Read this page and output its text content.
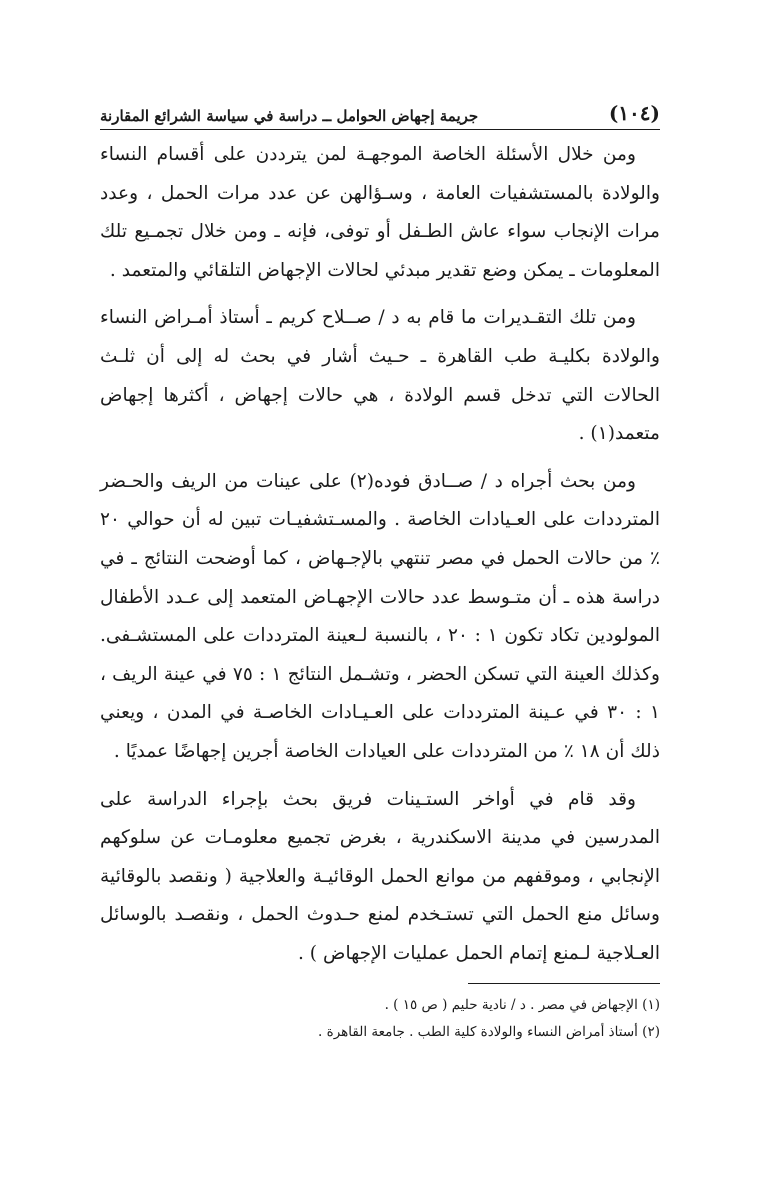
(١٠٤)
جريمة إجهاض الحوامل ــ دراسة في سياسة الشرائع المقارنة

ومن خلال الأسئلة الخاصة الموجهـة لمن يترددن على أقسام النساء والولادة بالمستشفيات العامة ، وسـؤالهن عن عدد مرات الحمل ، وعدد مرات الإنجاب سواء عاش الطـفل أو توفى، فإنه ـ ومن خلال تجمـيع تلك المعلومات ـ يمكن وضع تقدير مبدئي لحالات الإجهاض التلقائي والمتعمد .

ومن تلك التقـديرات ما قام به د / صــلاح كريم ـ أستاذ أمـراض النساء والولادة بكليـة طب القاهرة ـ حـيث أشار في بحث له إلى أن ثلـث الحالات التي تدخل قسم الولادة ، هي حالات إجهاض ، أكثرها إجهاض متعمد(١) .

ومن بحث أجراه د / صــادق فوده(٢) على عينات من الريف والحـضر المترددات على العـيادات الخاصة . والمسـتشفيـات تبين له أن حوالي ٢٠ ٪ من حالات الحمل في مصر تنتهي بالإجـهاض ، كما أوضحت النتائج ـ في دراسة هذه ـ أن متـوسط عدد حالات الإجهـاض المتعمد إلى عـدد الأطفال المولودين تكاد تكون ١ : ٢٠ ، بالنسبة لـعينة المترددات على المستشـفى. وكذلك العينة التي تسكن الحضر ، وتشـمل النتائج ١ : ٧٥ في عينة الريف ، ١ : ٣٠ في عـينة المترددات على العـيـادات الخاصـة في المدن ، ويعني ذلك أن ١٨ ٪ من المترددات على العيادات الخاصة أجرين إجهاضًا عمديًا .

وقد قام في أواخر الستـينات فريق بحث بإجراء الدراسة على المدرسين في مدينة الاسكندرية ، بغرض تجميع معلومـات عن سلوكهم الإنجابي ، وموقفهم من موانع الحمل الوقائيـة والعلاجية ( ونقصد بالوقائية وسائل منع الحمل التي تستـخدم لمنع حـدوث الحمل ، ونقصـد بالوسائل العـلاجية لـمنع إتمام الحمل عمليات الإجهاض ) .

(١) الإجهاض في مصر . د / نادية حليم ( ص ١٥ ) .

(٢) أستاذ أمراض النساء والولادة كلية الطب . جامعة القاهرة .
